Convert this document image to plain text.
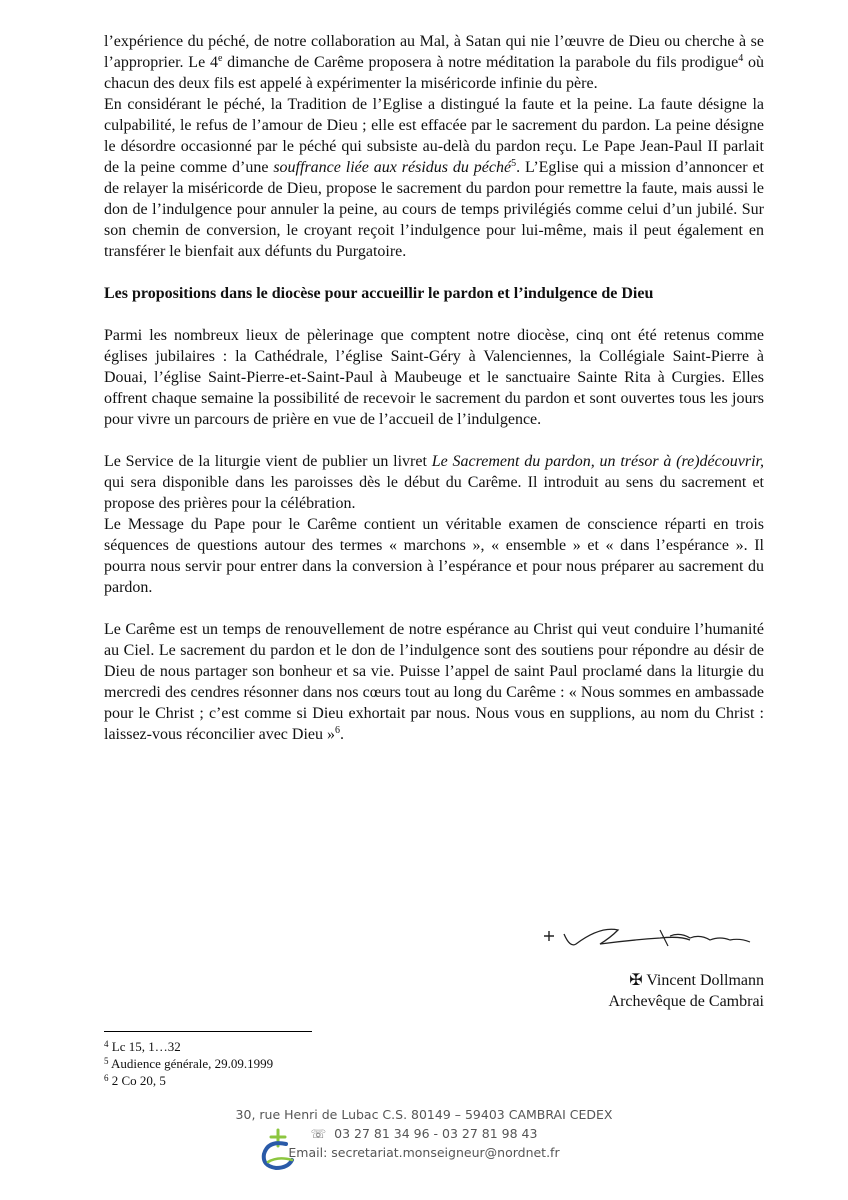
l’expérience du péché, de notre collaboration au Mal, à Satan qui nie l’œuvre de Dieu ou cherche à se l’approprier. Le 4e dimanche de Carême proposera à notre méditation la parabole du fils prodigue$^4$ où chacun des deux fils est appelé à expérimenter la miséricorde infinie du père.

En considérant le péché, la Tradition de l’Eglise a distingué la faute et la peine. La faute désigne la culpabilité, le refus de l’amour de Dieu ; elle est effacée par le sacrement du pardon. La peine désigne le désordre occasionné par le péché qui subsiste au-delà du pardon reçu. Le Pape Jean-Paul II parlait de la peine comme d’une souffrance liée aux résidus du péché$^5$. L’Eglise qui a mission d’annoncer et de relayer la miséricorde de Dieu, propose le sacrement du pardon pour remettre la faute, mais aussi le don de l’indulgence pour annuler la peine, au cours de temps privilégiés comme celui d’un jubilé. Sur son chemin de conversion, le croyant reçoit l’indulgence pour lui-même, mais il peut également en transférer le bienfait aux défunts du Purgatoire.

Les propositions dans le diocèse pour accueillir le pardon et l’indulgence de Dieu

Parmi les nombreux lieux de pèlerinage que comptent notre diocèse, cinq ont été retenus comme églises jubilaires : la Cathédrale, l’église Saint-Géry à Valenciennes, la Collégiale Saint-Pierre à Douai, l’église Saint-Pierre-et-Saint-Paul à Maubeuge et le sanctuaire Sainte Rita à Curgies. Elles offrent chaque semaine la possibilité de recevoir le sacrement du pardon et sont ouvertes tous les jours pour vivre un parcours de prière en vue de l’accueil de l’indulgence.

Le Service de la liturgie vient de publier un livret Le Sacrement du pardon, un trésor à (re)découvrir, qui sera disponible dans les paroisses dès le début du Carême. Il introduit au sens du sacrement et propose des prières pour la célébration.

Le Message du Pape pour le Carême contient un véritable examen de conscience réparti en trois séquences de questions autour des termes « marchons », « ensemble » et « dans l’espérance ». Il pourra nous servir pour entrer dans la conversion à l’espérance et pour nous préparer au sacrement du pardon.

Le Carême est un temps de renouvellement de notre espérance au Christ qui veut conduire l’humanité au Ciel. Le sacrement du pardon et le don de l’indulgence sont des soutiens pour répondre au désir de Dieu de nous partager son bonheur et sa vie. Puisse l’appel de saint Paul proclamé dans la liturgie du mercredi des cendres résonner dans nos cœurs tout au long du Carême : « Nous sommes en ambassade pour le Christ ; c’est comme si Dieu exhortait par nous. Nous vous en supplions, au nom du Christ : laissez-vous réconcilier avec Dieu »$^6$.

✠ Vincent Dollmann
Archevêque de Cambrai
$^4$ Lc 15, 1…32
$^5$ Audience générale, 29.09.1999
$^6$ 2 Co 20, 5
30, rue Henri de Lubac C.S. 80149 – 59403 CAMBRAI CEDEX
☏ 03 27 81 34 96 - 03 27 81 98 43
Email: secretariat.monseigneur@nordnet.fr
